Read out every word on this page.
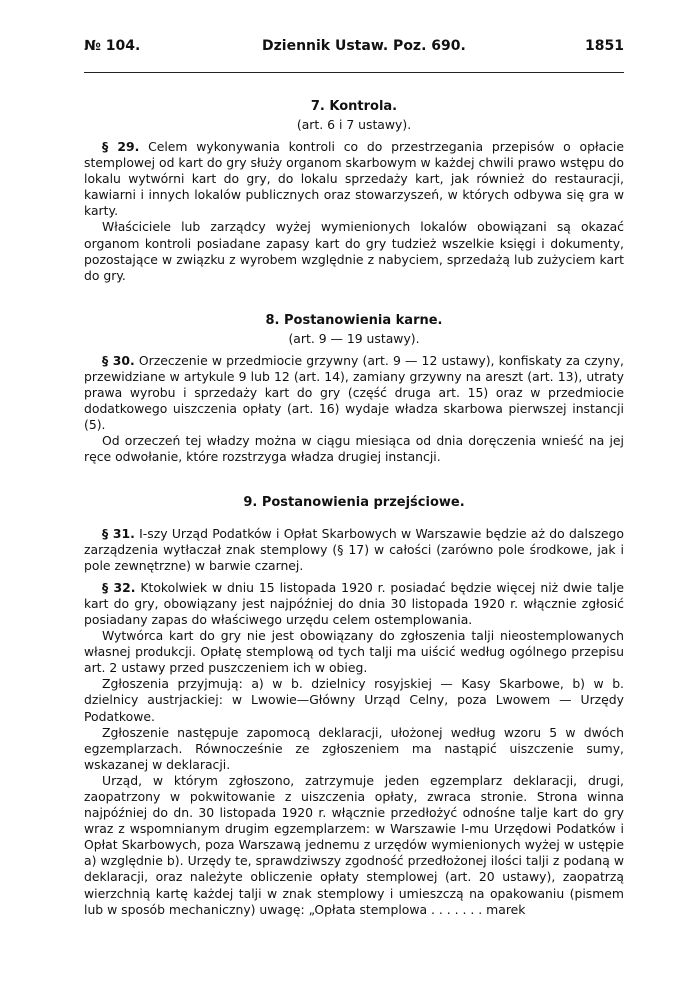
№ 104.	Dziennik Ustaw. Poz. 690.	1851
7. Kontrola.
(art. 6 i 7 ustawy).

§ 29. Celem wykonywania kontroli co do przestrzegania przepisów o opłacie stemplowej od kart do gry służy organom skarbowym w każdej chwili prawo wstępu do lokalu wytwórni kart do gry, do lokalu sprzedaży kart, jak również do restauracji, kawiarni i innych lokalów publicznych oraz stowarzyszeń, w których odbywa się gra w karty.

Właściciele lub zarządcy wyżej wymienionych lokalów obowiązani są okazać organom kontroli posiadane zapasy kart do gry tudzież wszelkie księgi i dokumenty, pozostające w związku z wyrobem względnie z nabyciem, sprzedażą lub zużyciem kart do gry.

8. Postanowienia karne.
(art. 9 — 19 ustawy).

§ 30. Orzeczenie w przedmiocie grzywny (art. 9 — 12 ustawy), konfiskaty za czyny, przewidziane w artykule 9 lub 12 (art. 14), zamiany grzywny na areszt (art. 13), utraty prawa wyrobu i sprzedaży kart do gry (część druga art. 15) oraz w przedmiocie dodatkowego uiszczenia opłaty (art. 16) wydaje władza skarbowa pierwszej instancji (5).

Od orzeczeń tej władzy można w ciągu miesiąca od dnia doręczenia wnieść na jej ręce odwołanie, które rozstrzyga władza drugiej instancji.

9. Postanowienia przejściowe.

§ 31. I-szy Urząd Podatków i Opłat Skarbowych w Warszawie będzie aż do dalszego zarządzenia wytłaczał znak stemplowy (§ 17) w całości (zarówno pole środkowe, jak i pole zewnętrzne) w barwie czarnej.

§ 32. Ktokolwiek w dniu 15 listopada 1920 r. posiadać będzie więcej niż dwie talje kart do gry, obowiązany jest najpóźniej do dnia 30 listopada 1920 r. włącznie zgłosić posiadany zapas do właściwego urzędu celem ostemplowania.

Wytwórca kart do gry nie jest obowiązany do zgłoszenia talji nieostemplowanych własnej produkcji. Opłatę stemplową od tych talji ma uiścić według ogólnego przepisu art. 2 ustawy przed puszczeniem ich w obieg.

Zgłoszenia przyjmują: a) w b. dzielnicy rosyjskiej — Kasy Skarbowe, b) w b. dzielnicy austrjackiej: w Lwowie—Główny Urząd Celny, poza Lwowem — Urzędy Podatkowe.

Zgłoszenie następuje zapomocą deklaracji, ułożonej według wzoru 5 w dwóch egzemplarzach. Równocześnie ze zgłoszeniem ma nastąpić uiszczenie sumy, wskazanej w deklaracji.

Urząd, w którym zgłoszono, zatrzymuje jeden egzemplarz deklaracji, drugi, zaopatrzony w pokwitowanie z uiszczenia opłaty, zwraca stronie. Strona winna najpóźniej do dn. 30 listopada 1920 r. włącznie przedłożyć odnośne talje kart do gry wraz z wspomnianym drugim egzemplarzem: w Warszawie I-mu Urzędowi Podatków i Opłat Skarbowych, poza Warszawą jednemu z urzędów wymienionych wyżej w ustępie a) względnie b). Urzędy te, sprawdziwszy zgodność przedłożonej ilości talji z podaną w deklaracji, oraz należyte obliczenie opłaty stemplowej (art. 20 ustawy), zaopatrzą wierzchnią kartę każdej talji w znak stemplowy i umieszczą na opakowaniu (pismem lub w sposób mechaniczny) uwagę: „Opłata stemplowa . . . . . . . marek
